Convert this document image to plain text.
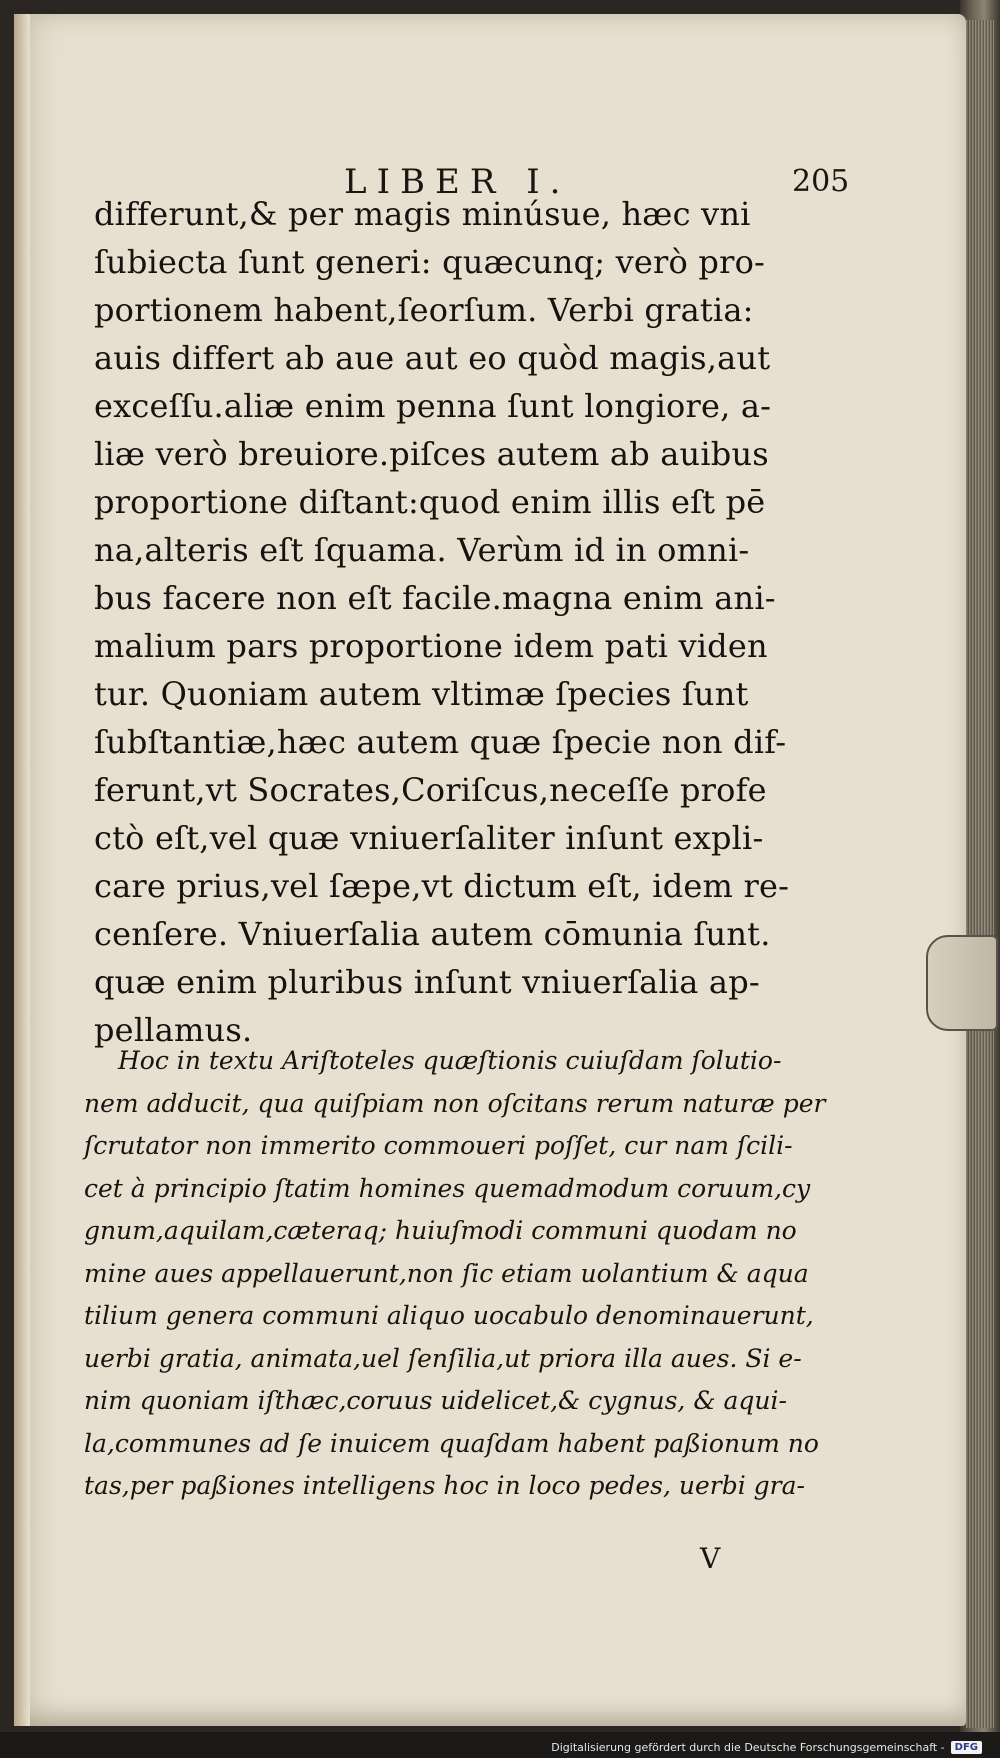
LIBER I.	205
differunt,& per magis minúsue, hæc vni
ſubiecta ſunt generi: quæcunq; verò pro-
portionem habent,ſeorſum. Verbi gratia:
auis differt ab aue aut eo quòd magis,aut
exceſſu.aliæ enim penna ſunt longiore, a-
liæ verò breuiore.piſces autem ab auibus
proportione diſtant:quod enim illis eſt pē
na,alteris eſt ſquama. Verùm id in omni-
bus facere non eſt facile.magna enim ani-
malium pars proportione idem pati viden
tur. Quoniam autem vltimæ ſpecies ſunt
ſubſtantiæ,hæc autem quæ ſpecie non dif-
ferunt,vt Socrates,Coriſcus,neceſſe profe
ctò eſt,vel quæ vniuerſaliter inſunt expli-
care prius,vel ſæpe,vt dictum eſt, idem re-
cenſere. Vniuerſalia autem cōmunia ſunt.
quæ enim pluribus inſunt vniuerſalia ap-
pellamus.
Hoc in textu Ariſtoteles quæſtionis cuiuſdam ſolutio-
nem adducit, qua quiſpiam non oſcitans rerum naturæ per
ſcrutator non immerito commoueri poſſet, cur nam ſcili-
cet à principio ſtatim homines quemadmodum coruum,cy
gnum,aquilam,cæteraq; huiuſmodi communi quodam no
mine aues appellauerunt,non ſic etiam uolantium & aqua
tilium genera communi aliquo uocabulo denominauerunt,
uerbi gratia, animata,uel ſenſilia,ut priora illa aues. Si e-
nim quoniam iſthæc,coruus uidelicet,& cygnus, & aqui-
la,communes ad ſe inuicem quaſdam habent paßionum no
tas,per paßiones intelligens hoc in loco pedes, uerbi gra-
V
Digitalisierung gefördert durch die Deutsche Forschungsgemeinschaft -	DFG
